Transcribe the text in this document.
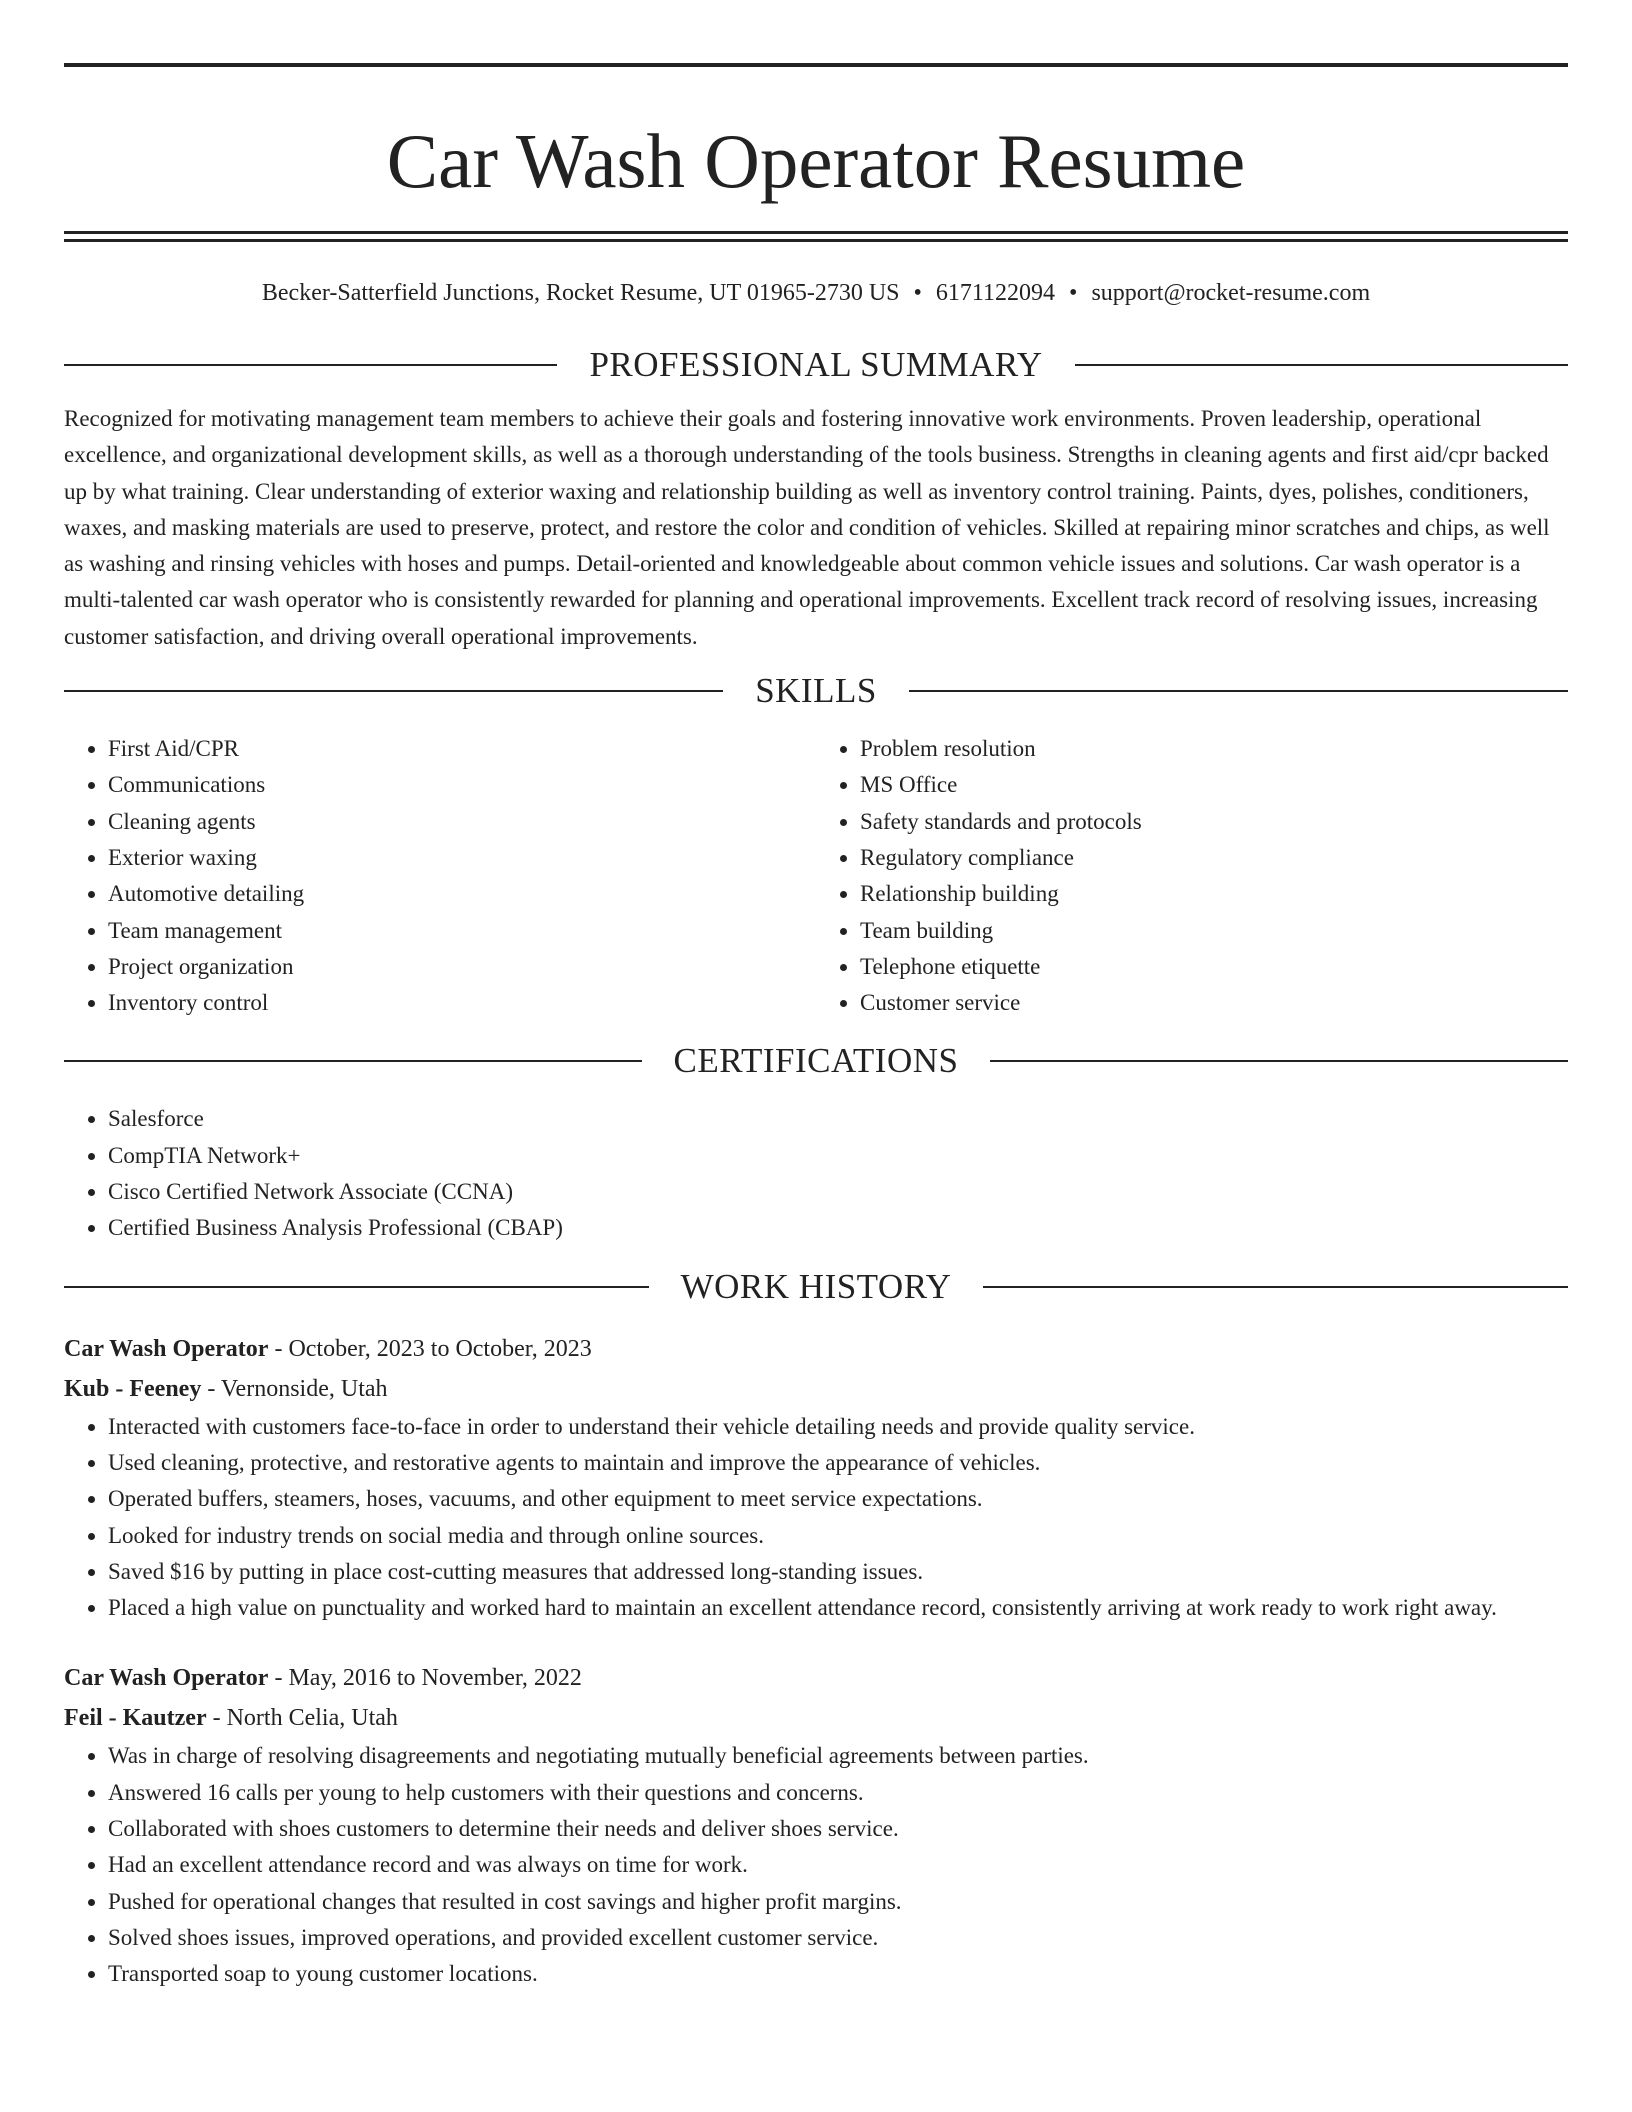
Car Wash Operator Resume
Becker-Satterfield Junctions, Rocket Resume, UT 01965-2730 US • 6171122094 • support@rocket-resume.com
PROFESSIONAL SUMMARY

Recognized for motivating management team members to achieve their goals and fostering innovative work environments. Proven leadership, operational excellence, and organizational development skills, as well as a thorough understanding of the tools business. Strengths in cleaning agents and first aid/cpr backed up by what training. Clear understanding of exterior waxing and relationship building as well as inventory control training. Paints, dyes, polishes, conditioners, waxes, and masking materials are used to preserve, protect, and restore the color and condition of vehicles. Skilled at repairing minor scratches and chips, as well as washing and rinsing vehicles with hoses and pumps. Detail-oriented and knowledgeable about common vehicle issues and solutions. Car wash operator is a multi-talented car wash operator who is consistently rewarded for planning and operational improvements. Excellent track record of resolving issues, increasing customer satisfaction, and driving overall operational improvements.

SKILLS
• First Aid/CPR
• Communications
• Cleaning agents
• Exterior waxing
• Automotive detailing
• Team management
• Project organization
• Inventory control
• Problem resolution
• MS Office
• Safety standards and protocols
• Regulatory compliance
• Relationship building
• Team building
• Telephone etiquette
• Customer service
CERTIFICATIONS
• Salesforce
• CompTIA Network+
• Cisco Certified Network Associate (CCNA)
• Certified Business Analysis Professional (CBAP)
WORK HISTORY
Car Wash Operator - October, 2023 to October, 2023
Kub - Feeney - Vernonside, Utah
• Interacted with customers face-to-face in order to understand their vehicle detailing needs and provide quality service.
• Used cleaning, protective, and restorative agents to maintain and improve the appearance of vehicles.
• Operated buffers, steamers, hoses, vacuums, and other equipment to meet service expectations.
• Looked for industry trends on social media and through online sources.
• Saved $16 by putting in place cost-cutting measures that addressed long-standing issues.
• Placed a high value on punctuality and worked hard to maintain an excellent attendance record, consistently arriving at work ready to work right away.
Car Wash Operator - May, 2016 to November, 2022
Feil - Kautzer - North Celia, Utah
• Was in charge of resolving disagreements and negotiating mutually beneficial agreements between parties.
• Answered 16 calls per young to help customers with their questions and concerns.
• Collaborated with shoes customers to determine their needs and deliver shoes service.
• Had an excellent attendance record and was always on time for work.
• Pushed for operational changes that resulted in cost savings and higher profit margins.
• Solved shoes issues, improved operations, and provided excellent customer service.
• Transported soap to young customer locations.
